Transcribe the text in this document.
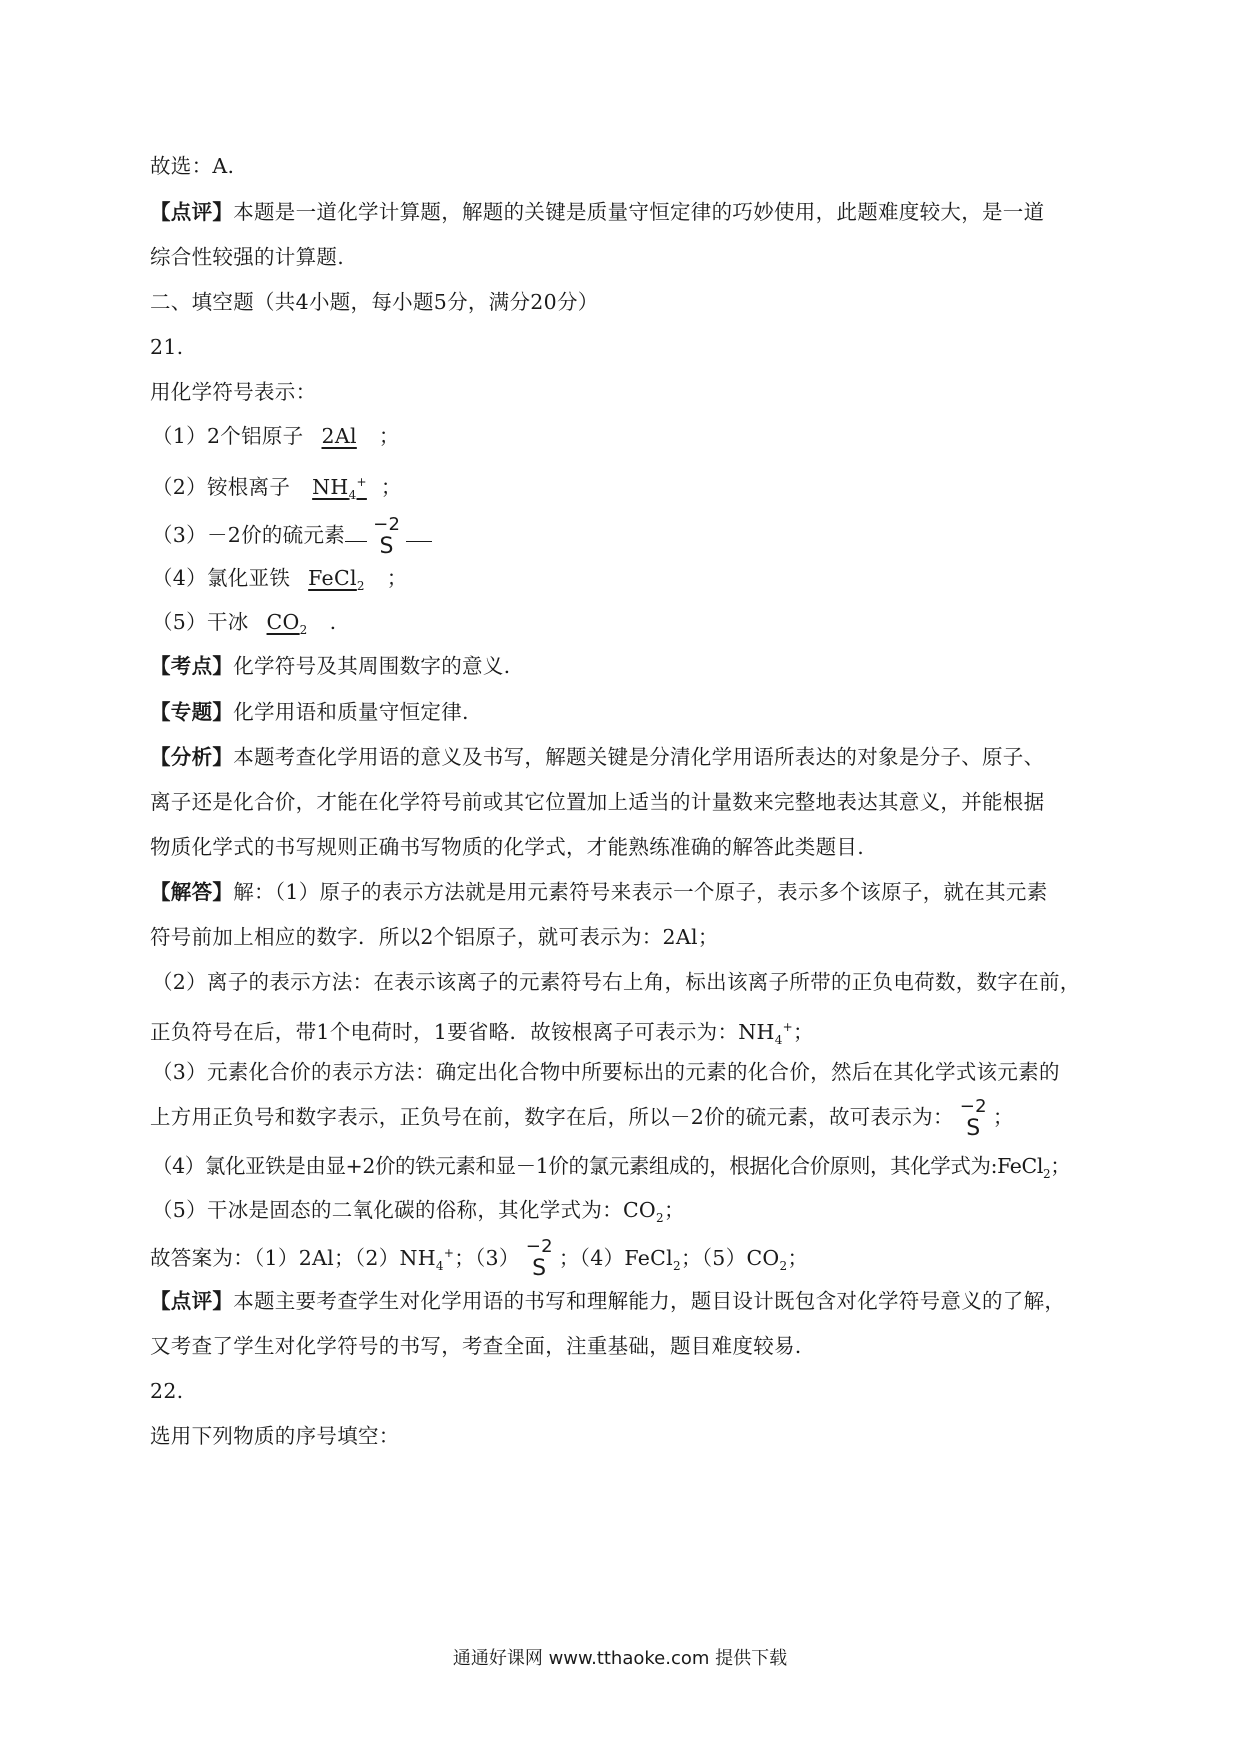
故选：A.
【点评】本题是一道化学计算题，解题的关键是质量守恒定律的巧妙使用，此题难度较大，是一道
综合性较强的计算题.
二、填空题（共4小题，每小题5分，满分20分）
21.
用化学符号表示：
（1）2个铝原子 2Al ；
（2）铵根离子 $NH_4^+$ ；
（3）－2价的硫元素 −2
S
（4）氯化亚铁 FeCl$_2$ ；
（5）干冰 $CO_2$ .
【考点】化学符号及其周围数字的意义.
【专题】化学用语和质量守恒定律.
【分析】本题考查化学用语的意义及书写，解题关键是分清化学用语所表达的对象是分子、原子、
离子还是化合价，才能在化学符号前或其它位置加上适当的计量数来完整地表达其意义，并能根据
物质化学式的书写规则正确书写物质的化学式，才能熟练准确的解答此类题目.
【解答】解：（1）原子的表示方法就是用元素符号来表示一个原子，表示多个该原子，就在其元素
符号前加上相应的数字．所以2个铝原子，就可表示为：2Al；
（2）离子的表示方法：在表示该离子的元素符号右上角，标出该离子所带的正负电荷数，数字在前，
正负符号在后，带1个电荷时，1要省略．故铵根离子可表示为：$NH_4^+$；
（3）元素化合价的表示方法：确定出化合物中所要标出的元素的化合价，然后在其化学式该元素的
上方用正负号和数字表示，正负号在前，数字在后，所以－2价的硫元素，故可表示为： −2
S ；
（4）氯化亚铁是由显+2价的铁元素和显－1价的氯元素组成的，根据化合价原则，其化学式为:FeCl$_2$；
（5）干冰是固态的二氧化碳的俗称，其化学式为：$CO_2$；
故答案为：（1）2Al；$(2)NH_4^+$；（3） −2
S ；（4）FeCl$_2$；$(5)CO_2$；
【点评】本题主要考查学生对化学用语的书写和理解能力，题目设计既包含对化学符号意义的了解，
又考查了学生对化学符号的书写，考查全面，注重基础，题目难度较易.
22.
选用下列物质的序号填空：
通通好课网 www.tthaoke.com 提供下载
